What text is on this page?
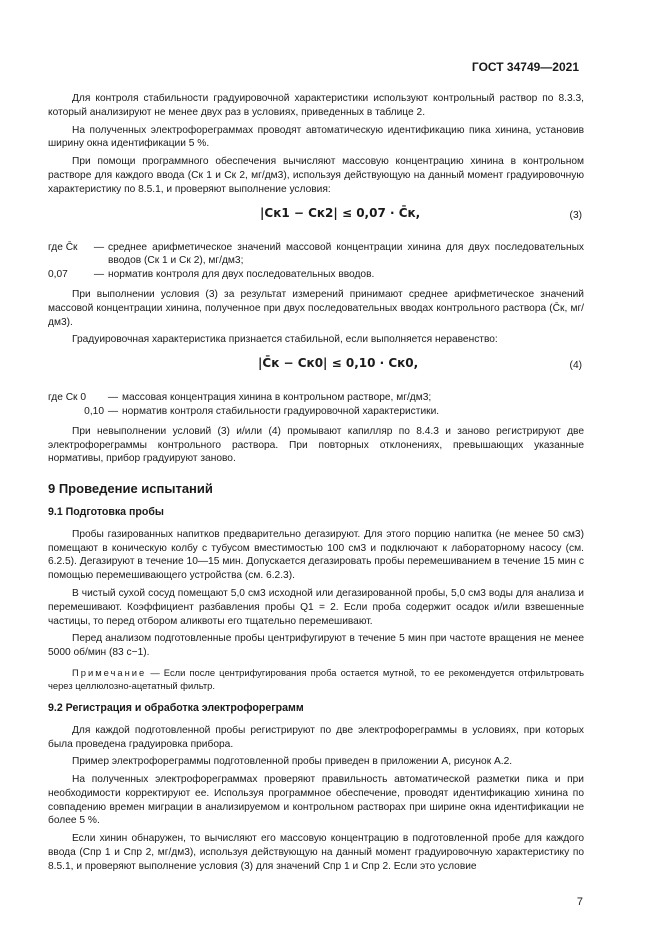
ГОСТ 34749—2021

Для контроля стабильности градуировочной характеристики используют контрольный раствор по 8.3.3, который анализируют не менее двух раз в условиях, приведенных в таблице 2.

На полученных электрофореграммах проводят автоматическую идентификацию пика хинина, установив ширину окна идентификации 5 %.

При помощи программного обеспечения вычисляют массовую концентрацию хинина в контрольном растворе для каждого ввода (Cк 1 и Cк 2, мг/дм3), используя действующую на данный момент градуировочную характеристику по 8.5.1, и проверяют выполнение условия:

|Cк1 − Cк2| ≤ 0,07 · C̄к,	(3)
где C̄к	— среднее арифметическое значений массовой концентрации хинина для двух последовательных вводов (Cк 1 и Cк 2), мг/дм3;
0,07	— норматив контроля для двух последовательных вводов.

При выполнении условия (3) за результат измерений принимают среднее арифметическое значений массовой концентрации хинина, полученное при двух последовательных вводах контрольного раствора (C̄к, мг/дм3).

Градуировочная характеристика признается стабильной, если выполняется неравенство:

|C̄к − Cк0| ≤ 0,10 · Cк0,	(4)
где Cк 0	— массовая концентрация хинина в контрольном растворе, мг/дм3;
0,10 — норматив контроля стабильности градуировочной характеристики.

При невыполнении условий (3) и/или (4) промывают капилляр по 8.4.3 и заново регистрируют две электрофореграммы контрольного раствора. При повторных отклонениях, превышающих указанные нормативы, прибор градуируют заново.

9 Проведение испытаний
9.1 Подготовка пробы

Пробы газированных напитков предварительно дегазируют. Для этого порцию напитка (не менее 50 см3) помещают в коническую колбу с тубусом вместимостью 100 см3 и подключают к лабораторному насосу (см. 6.2.5). Дегазируют в течение 10—15 мин. Допускается дегазировать пробы перемешиванием в течение 15 мин с помощью перемешивающего устройства (см. 6.2.3).

В чистый сухой сосуд помещают 5,0 см3 исходной или дегазированной пробы, 5,0 см3 воды для анализа и перемешивают. Коэффициент разбавления пробы Q1 = 2. Если проба содержит осадок и/или взвешенные частицы, то перед отбором аликвоты его тщательно перемешивают.

Перед анализом подготовленные пробы центрифугируют в течение 5 мин при частоте вращения не менее 5000 об/мин (83 с−1).

Примечание — Если после центрифугирования проба остается мутной, то ее рекомендуется отфильтровать через целлюлозно-ацетатный фильтр.
9.2 Регистрация и обработка электрофореграмм

Для каждой подготовленной пробы регистрируют по две электрофореграммы в условиях, при которых была проведена градуировка прибора.

Пример электрофореграммы подготовленной пробы приведен в приложении А, рисунок А.2.

На полученных электрофореграммах проверяют правильность автоматической разметки пика и при необходимости корректируют ее. Используя программное обеспечение, проводят идентификацию хинина по совпадению времен миграции в анализируемом и контрольном растворах при ширине окна идентификации не более 5 %.

Если хинин обнаружен, то вычисляют его массовую концентрацию в подготовленной пробе для каждого ввода (Cпр 1 и Cпр 2, мг/дм3), используя действующую на данный момент градуировочную характеристику по 8.5.1, и проверяют выполнение условия (3) для значений Cпр 1 и Cпр 2. Если это условие

7
